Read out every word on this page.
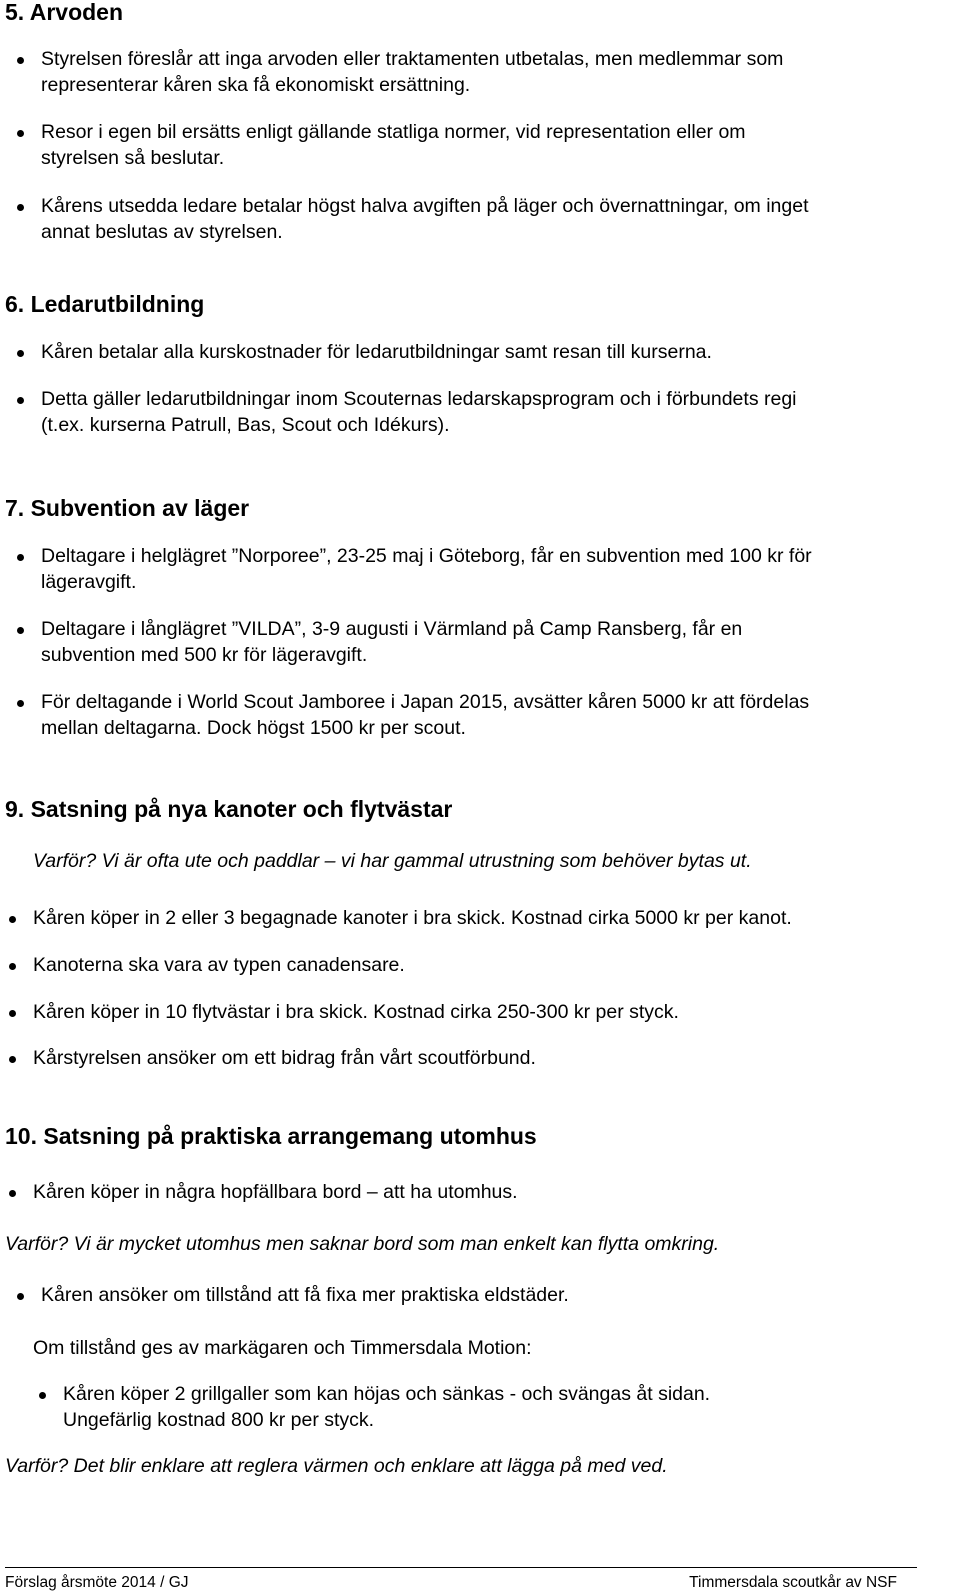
5. Arvoden
Styrelsen föreslår att inga arvoden eller traktamenten utbetalas, men medlemmar som
representerar kåren ska få ekonomiskt ersättning.
Resor i egen bil ersätts enligt gällande statliga normer, vid representation eller om
styrelsen så beslutar.
Kårens utsedda ledare betalar högst halva avgiften på läger och övernattningar, om inget
annat beslutas av styrelsen.
6. Ledarutbildning
Kåren betalar alla kurskostnader för ledarutbildningar samt resan till kurserna.
Detta gäller ledarutbildningar inom Scouternas ledarskapsprogram och i förbundets regi
(t.ex. kurserna Patrull, Bas, Scout och Idékurs).
7. Subvention av läger
Deltagare i helglägret ”Norporee”, 23-25 maj i Göteborg, får en subvention med 100 kr för
lägeravgift.
Deltagare i långlägret ”VILDA”, 3-9 augusti i Värmland på Camp Ransberg, får en
subvention med 500 kr för lägeravgift.
För deltagande i World Scout Jamboree i Japan 2015, avsätter kåren 5000 kr att fördelas
mellan deltagarna. Dock högst 1500 kr per scout.
9. Satsning på nya kanoter och flytvästar
Varför? Vi är ofta ute och paddlar – vi har gammal utrustning som behöver bytas ut.
Kåren köper in 2 eller 3 begagnade kanoter i bra skick. Kostnad cirka 5000 kr per kanot.
Kanoterna ska vara av typen canadensare.
Kåren köper in 10 flytvästar i bra skick. Kostnad cirka 250-300 kr per styck.
Kårstyrelsen ansöker om ett bidrag från vårt scoutförbund.
10. Satsning på praktiska arrangemang utomhus
Kåren köper in några hopfällbara bord – att ha utomhus.
Varför? Vi är mycket utomhus men saknar bord som man enkelt kan flytta omkring.
Kåren ansöker om tillstånd att få fixa mer praktiska eldstäder.
Om tillstånd ges av markägaren och Timmersdala Motion:
Kåren köper 2 grillgaller som kan höjas och sänkas - och svängas åt sidan.
Ungefärlig kostnad 800 kr per styck.
Varför? Det blir enklare att reglera värmen och enklare att lägga på med ved.
Förslag årsmöte 2014 / GJ	Timmersdala scoutkår av NSF
